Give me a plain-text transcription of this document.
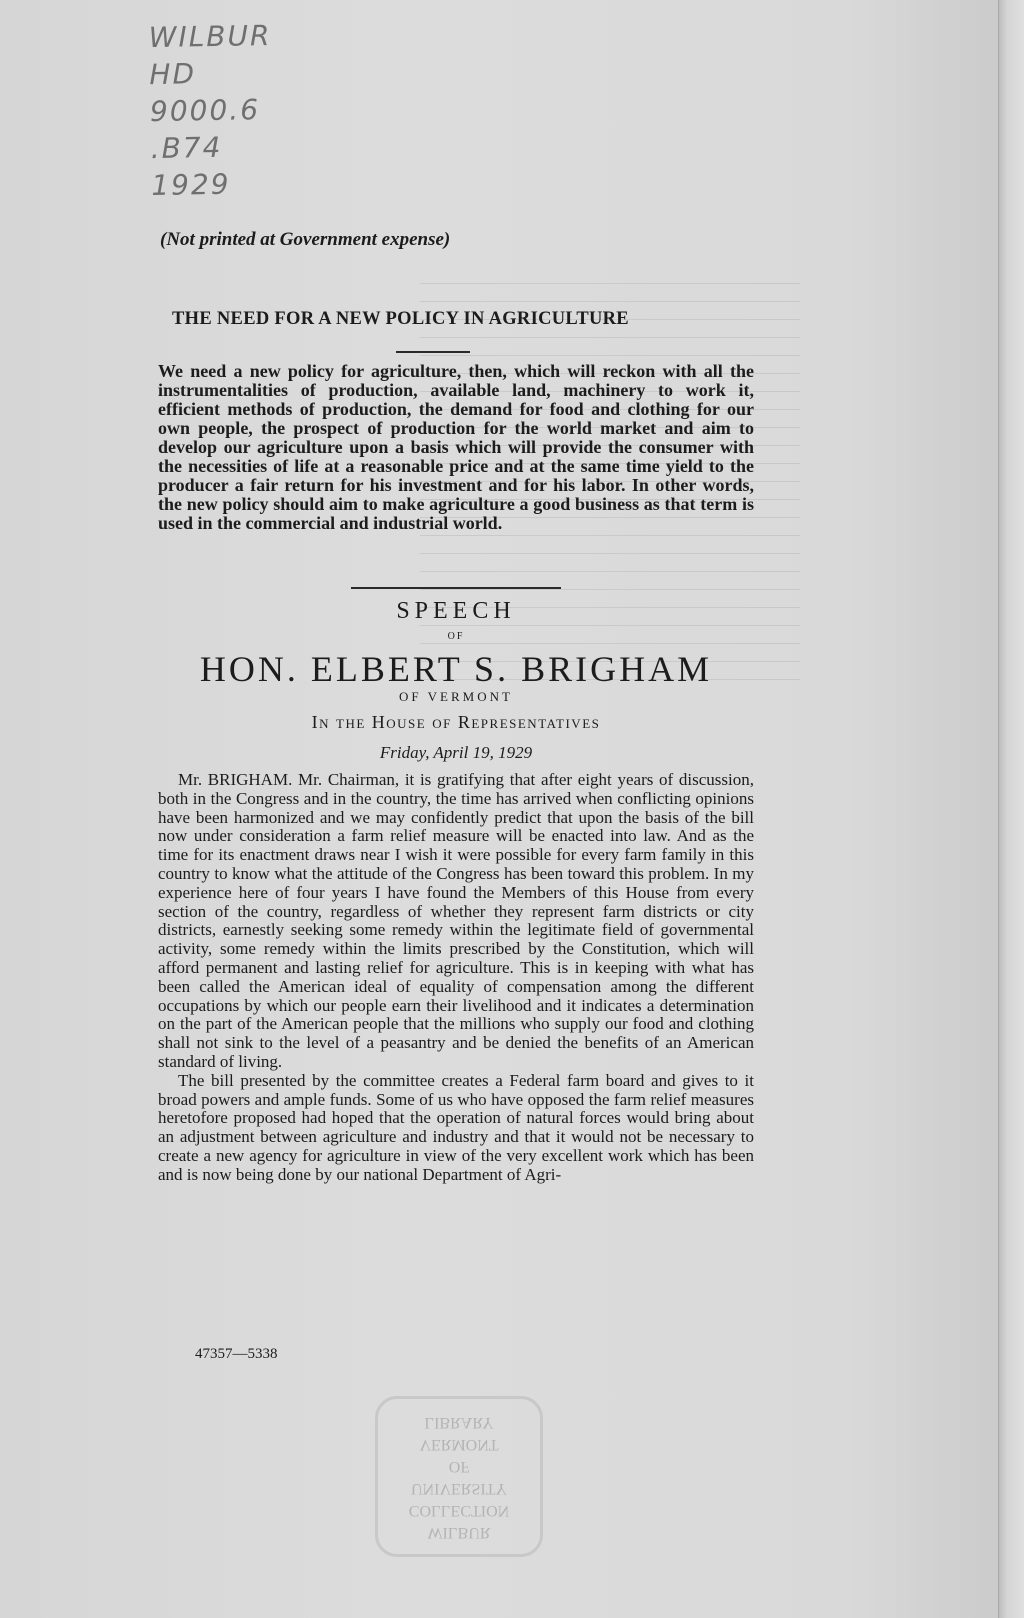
WILBUR
HD
9000.6
.B74
1929
(Not printed at Government expense)
THE NEED FOR A NEW POLICY IN AGRICULTURE
We need a new policy for agriculture, then, which will reckon with all the instrumentalities of production, available land, machinery to work it, efficient methods of production, the demand for food and clothing for our own people, the prospect of production for the world market and aim to develop our agriculture upon a basis which will provide the consumer with the necessities of life at a reasonable price and at the same time yield to the producer a fair return for his investment and for his labor. In other words, the new policy should aim to make agriculture a good business as that term is used in the commercial and industrial world.
SPEECH
OF
HON. ELBERT S. BRIGHAM
OF VERMONT
In the House of Representatives
Friday, April 19, 1929

Mr. BRIGHAM. Mr. Chairman, it is gratifying that after eight years of discussion, both in the Congress and in the country, the time has arrived when conflicting opinions have been harmonized and we may confidently predict that upon the basis of the bill now under consideration a farm relief measure will be enacted into law. And as the time for its enactment draws near I wish it were possible for every farm family in this country to know what the attitude of the Congress has been toward this problem. In my experience here of four years I have found the Members of this House from every section of the country, regardless of whether they represent farm districts or city districts, earnestly seeking some remedy within the legitimate field of governmental activity, some remedy within the limits prescribed by the Constitution, which will afford permanent and lasting relief for agriculture. This is in keeping with what has been called the American ideal of equality of compensation among the different occupations by which our people earn their livelihood and it indicates a determination on the part of the American people that the millions who supply our food and clothing shall not sink to the level of a peasantry and be denied the benefits of an American standard of living.

The bill presented by the committee creates a Federal farm board and gives to it broad powers and ample funds. Some of us who have opposed the farm relief measures heretofore proposed had hoped that the operation of natural forces would bring about an adjustment between agriculture and industry and that it would not be necessary to create a new agency for agriculture in view of the very excellent work which has been and is now being done by our national Department of Agri-

47357—5338
WILBUR
COLLECTION
UNIVERSITY
OF
VERMONT
LIBRARY
